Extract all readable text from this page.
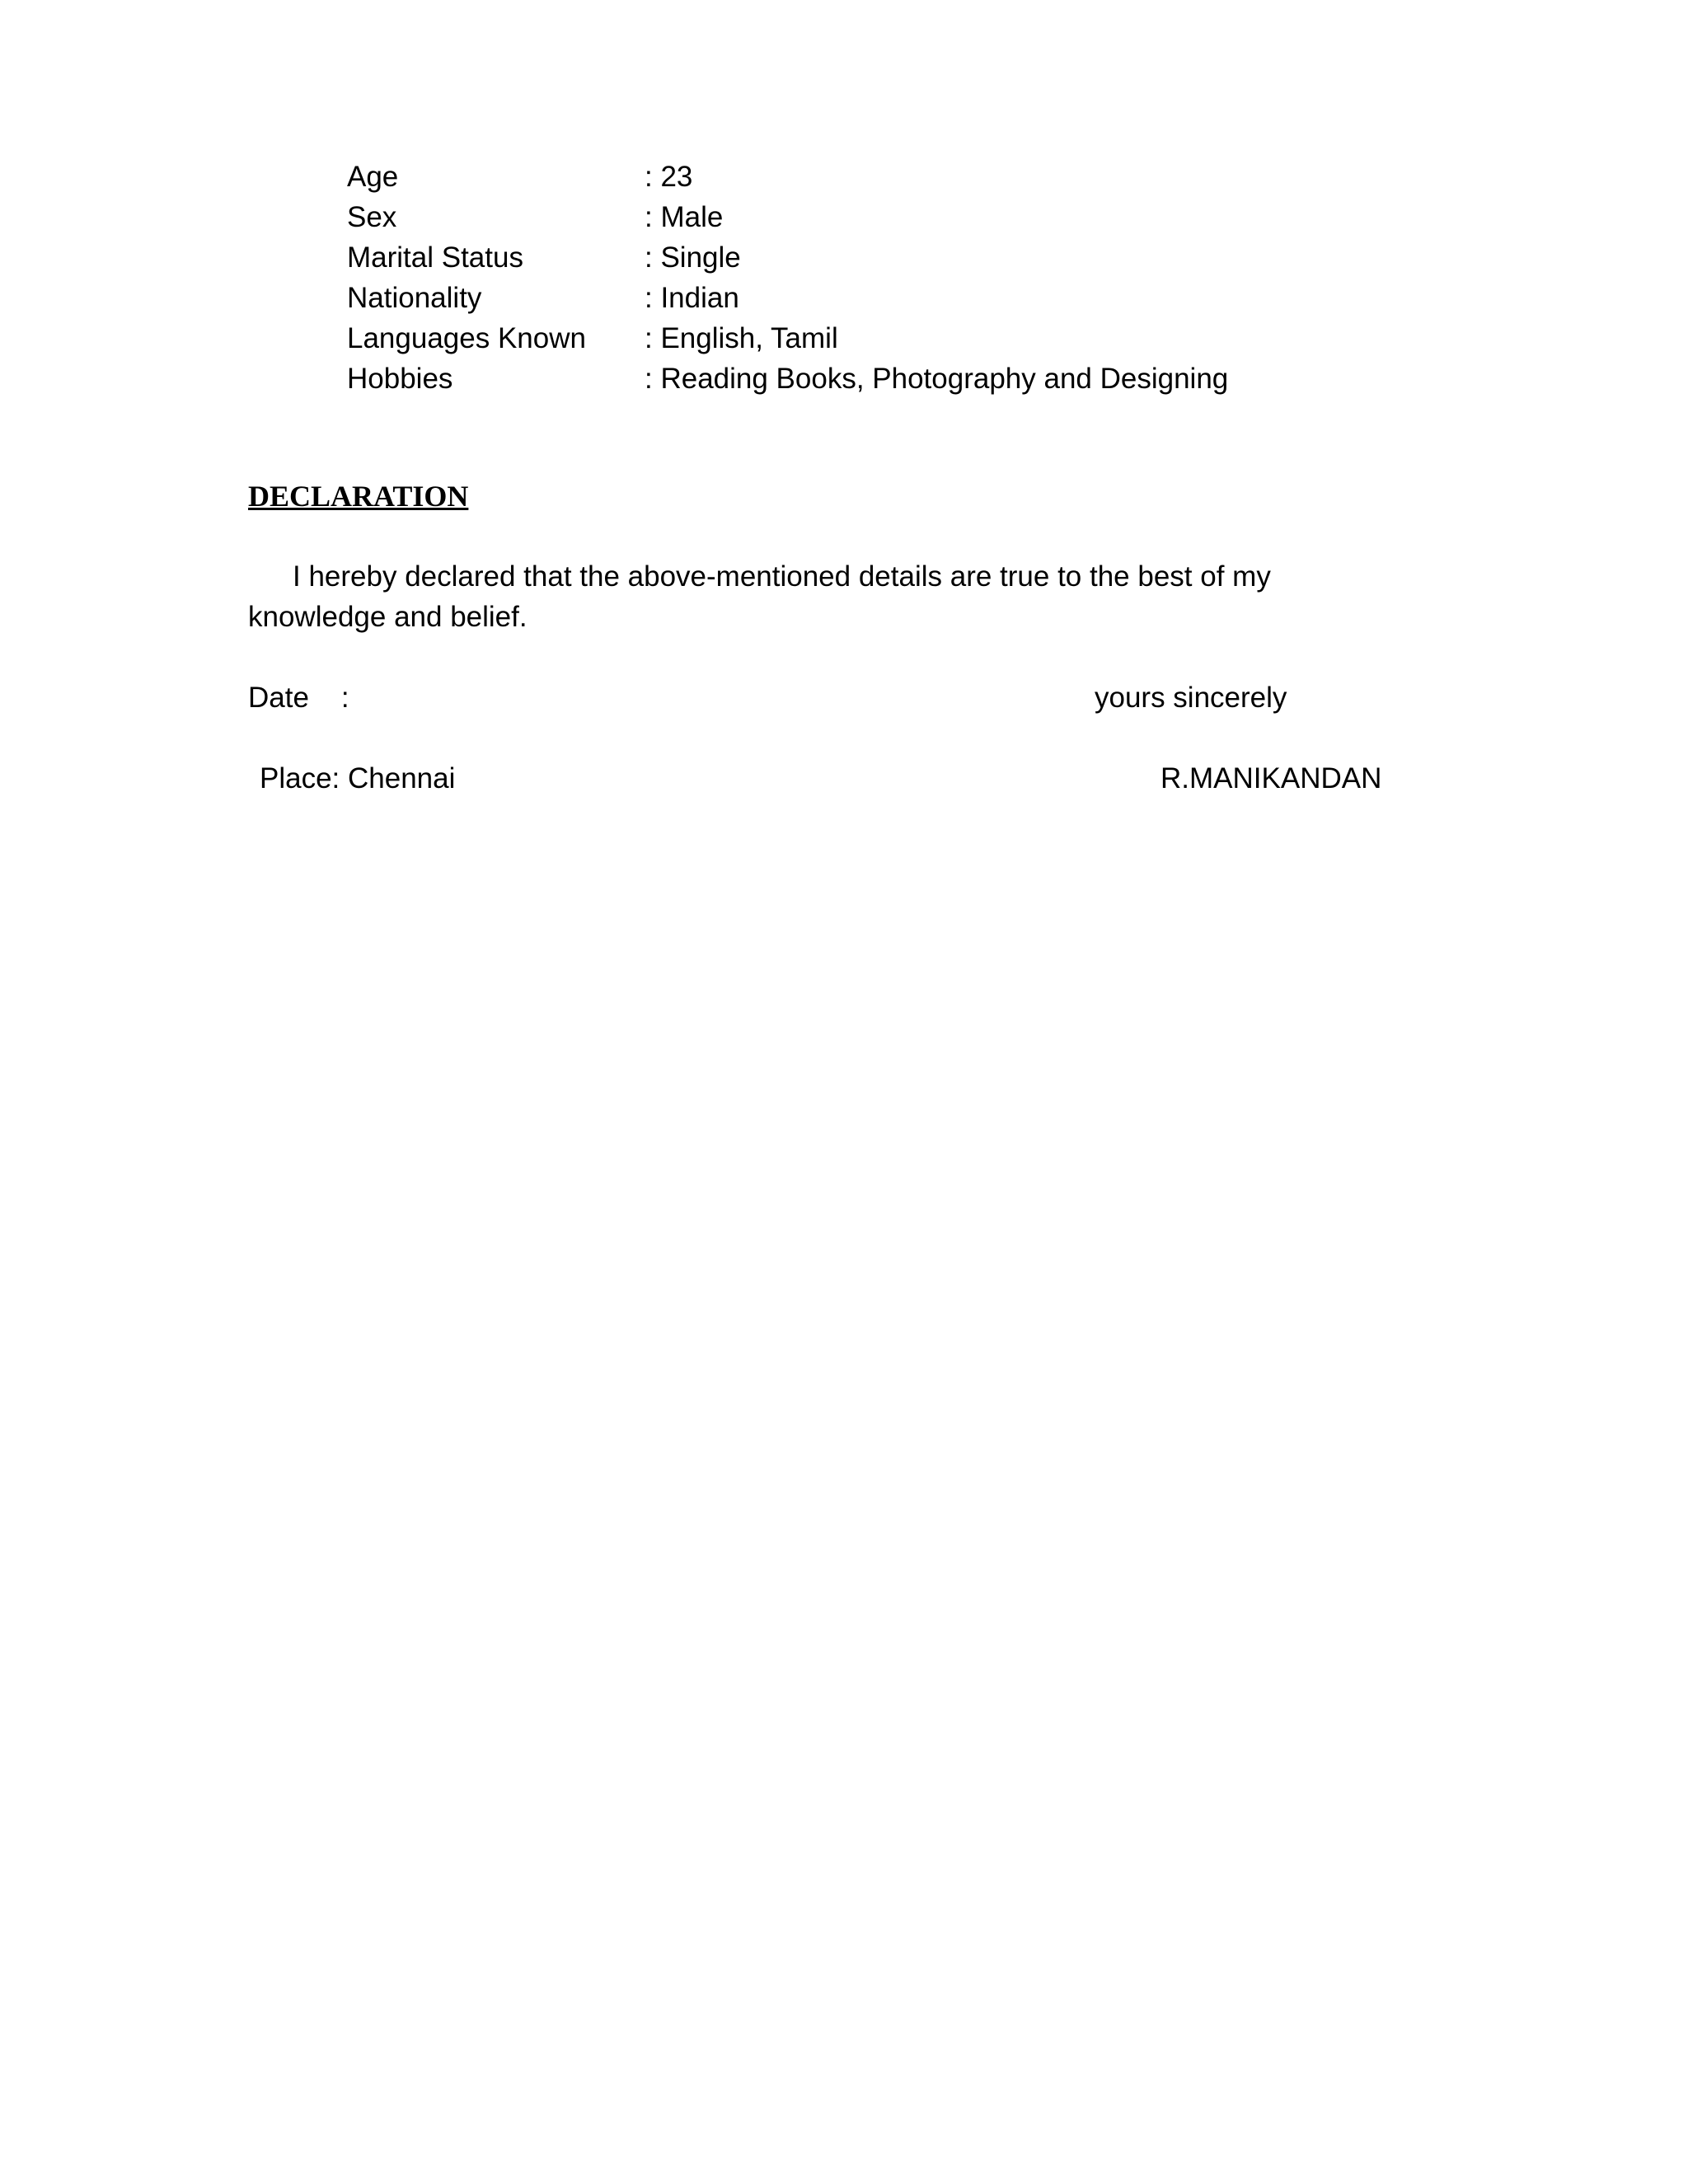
Age	: 23
Sex	: Male
Marital Status	: Single
Nationality	: Indian
Languages Known : English, Tamil
Hobbies	: Reading Books, Photography and Designing
DECLARATION
I hereby declared that the above-mentioned details are true to the best of my
knowledge and belief.
Date    :
Place: Chennai
yours sincerely
R.MANIKANDAN
